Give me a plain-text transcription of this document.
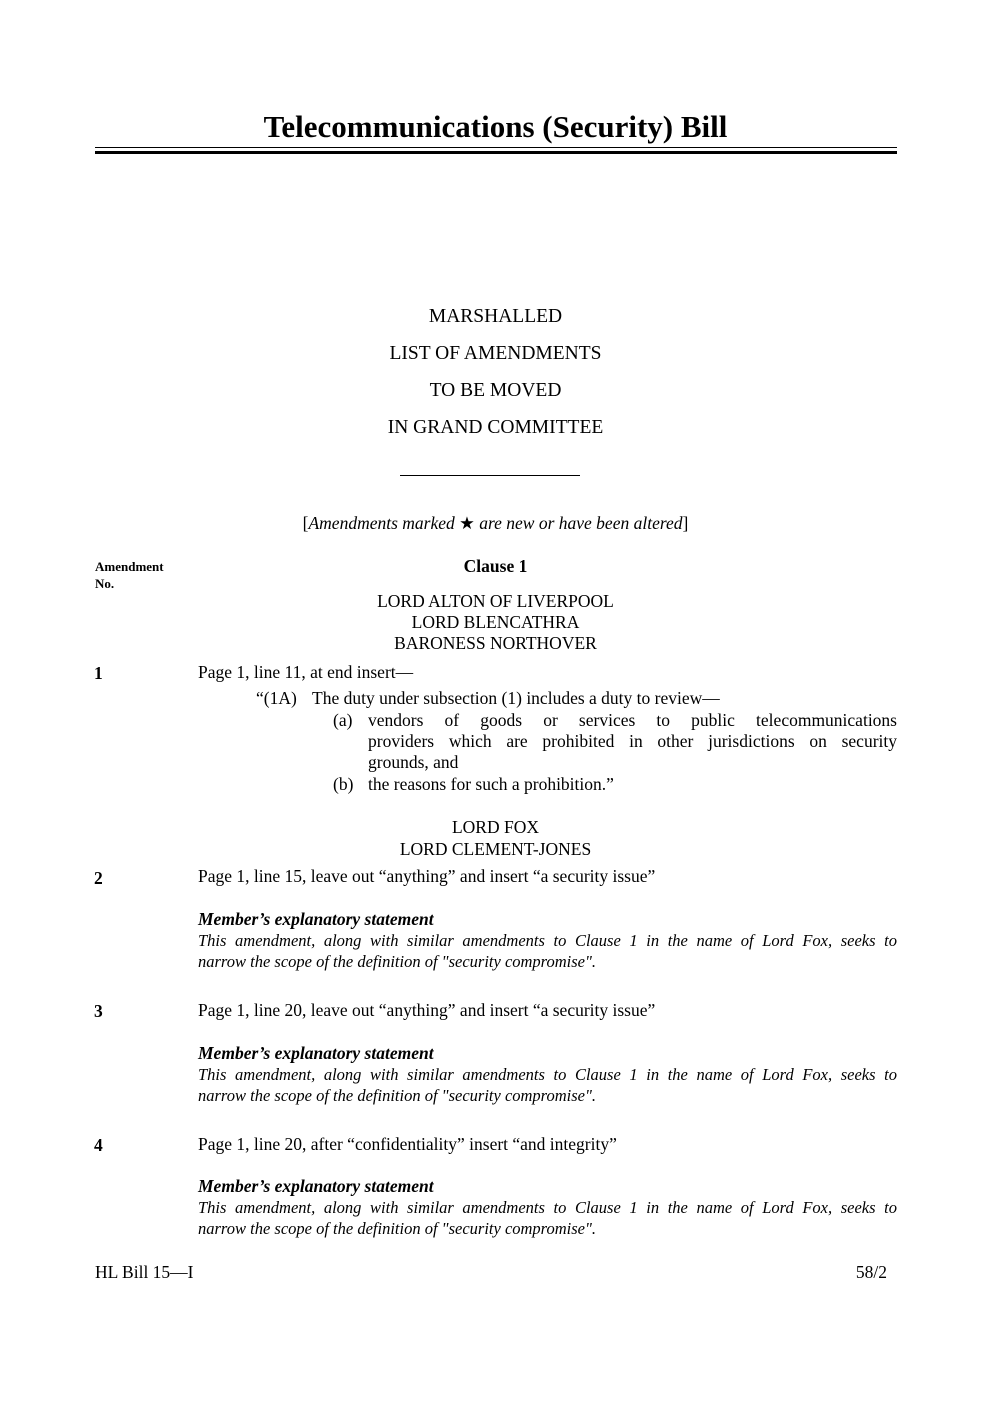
Telecommunications (Security) Bill
MARSHALLED
LIST OF AMENDMENTS
TO BE MOVED
IN GRAND COMMITTEE
[Amendments marked ★ are new or have been altered]
Amendment
No.
Clause 1
LORD ALTON OF LIVERPOOL
LORD BLENCATHRA
BARONESS NORTHOVER
1	Page 1, line 11, at end insert—
“(1A) The duty under subsection (1) includes a duty to review—
(a) vendors of goods or services to public telecommunications
providers which are prohibited in other jurisdictions on security
grounds, and
(b) the reasons for such a prohibition.”
LORD FOX
LORD CLEMENT-JONES
2	Page 1, line 15, leave out “anything” and insert “a security issue”
Member’s explanatory statement

This amendment, along with similar amendments to Clause 1 in the name of Lord Fox, seeks to

narrow the scope of the definition of "security compromise".

3	Page 1, line 20, leave out “anything” and insert “a security issue”
Member’s explanatory statement

This amendment, along with similar amendments to Clause 1 in the name of Lord Fox, seeks to

narrow the scope of the definition of "security compromise".

4	Page 1, line 20, after “confidentiality” insert “and integrity”
Member’s explanatory statement

This amendment, along with similar amendments to Clause 1 in the name of Lord Fox, seeks to

narrow the scope of the definition of "security compromise".

HL Bill 15—I	58/2
